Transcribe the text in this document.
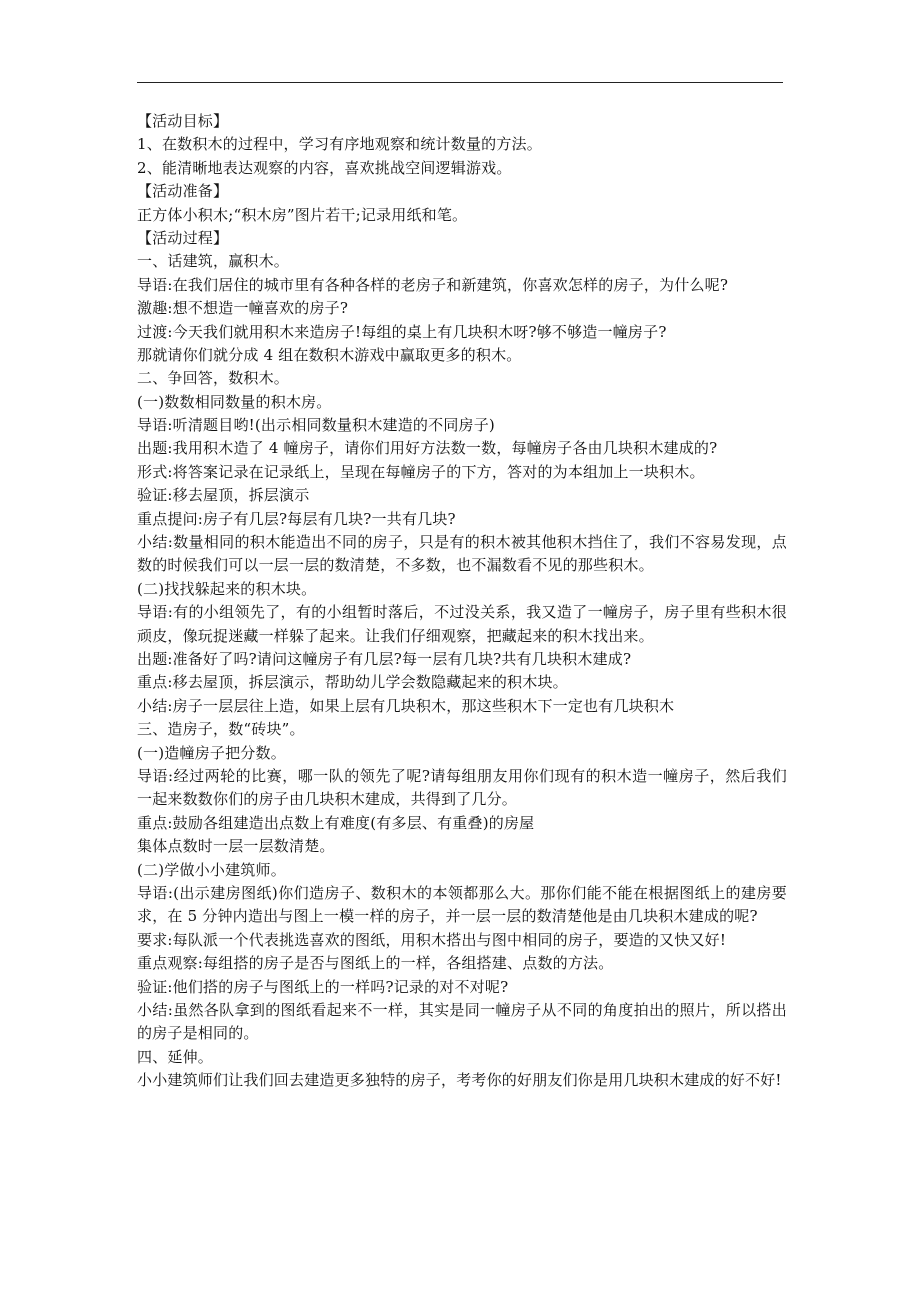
【活动目标】
1、在数积木的过程中，学习有序地观察和统计数量的方法。
2、能清晰地表达观察的内容，喜欢挑战空间逻辑游戏。
【活动准备】
正方体小积木;“积木房”图片若干;记录用纸和笔。
【活动过程】
一、话建筑，赢积木。
导语:在我们居住的城市里有各种各样的老房子和新建筑，你喜欢怎样的房子，为什么呢?
激趣:想不想造一幢喜欢的房子?
过渡:今天我们就用积木来造房子!每组的桌上有几块积木呀?够不够造一幢房子?
那就请你们就分成 4 组在数积木游戏中赢取更多的积木。
二、争回答，数积木。
(一)数数相同数量的积木房。
导语:听清题目哟!(出示相同数量积木建造的不同房子)
出题:我用积木造了 4 幢房子，请你们用好方法数一数，每幢房子各由几块积木建成的?
形式:将答案记录在记录纸上，呈现在每幢房子的下方，答对的为本组加上一块积木。
验证:移去屋顶，拆层演示
重点提问:房子有几层?每层有几块?一共有几块?
小结:数量相同的积木能造出不同的房子，只是有的积木被其他积木挡住了，我们不容易发现，点数的时候我们可以一层一层的数清楚，不多数，也不漏数看不见的那些积木。
(二)找找躲起来的积木块。
导语:有的小组领先了，有的小组暂时落后，不过没关系，我又造了一幢房子，房子里有些积木很顽皮，像玩捉迷藏一样躲了起来。让我们仔细观察，把藏起来的积木找出来。
出题:准备好了吗?请问这幢房子有几层?每一层有几块?共有几块积木建成?
重点:移去屋顶，拆层演示，帮助幼儿学会数隐藏起来的积木块。
小结:房子一层层往上造，如果上层有几块积木，那这些积木下一定也有几块积木
三、造房子，数“砖块”。
(一)造幢房子把分数。
导语:经过两轮的比赛，哪一队的领先了呢?请每组朋友用你们现有的积木造一幢房子，然后我们一起来数数你们的房子由几块积木建成，共得到了几分。
重点:鼓励各组建造出点数上有难度(有多层、有重叠)的房屋
集体点数时一层一层数清楚。
(二)学做小小建筑师。
导语:(出示建房图纸)你们造房子、数积木的本领都那么大。那你们能不能在根据图纸上的建房要求，在 5 分钟内造出与图上一模一样的房子，并一层一层的数清楚他是由几块积木建成的呢?
要求:每队派一个代表挑选喜欢的图纸，用积木搭出与图中相同的房子，要造的又快又好!
重点观察:每组搭的房子是否与图纸上的一样，各组搭建、点数的方法。
验证:他们搭的房子与图纸上的一样吗?记录的对不对呢?
小结:虽然各队拿到的图纸看起来不一样，其实是同一幢房子从不同的角度拍出的照片，所以搭出的房子是相同的。
四、延伸。
小小建筑师们让我们回去建造更多独特的房子，考考你的好朋友们你是用几块积木建成的好不好!
